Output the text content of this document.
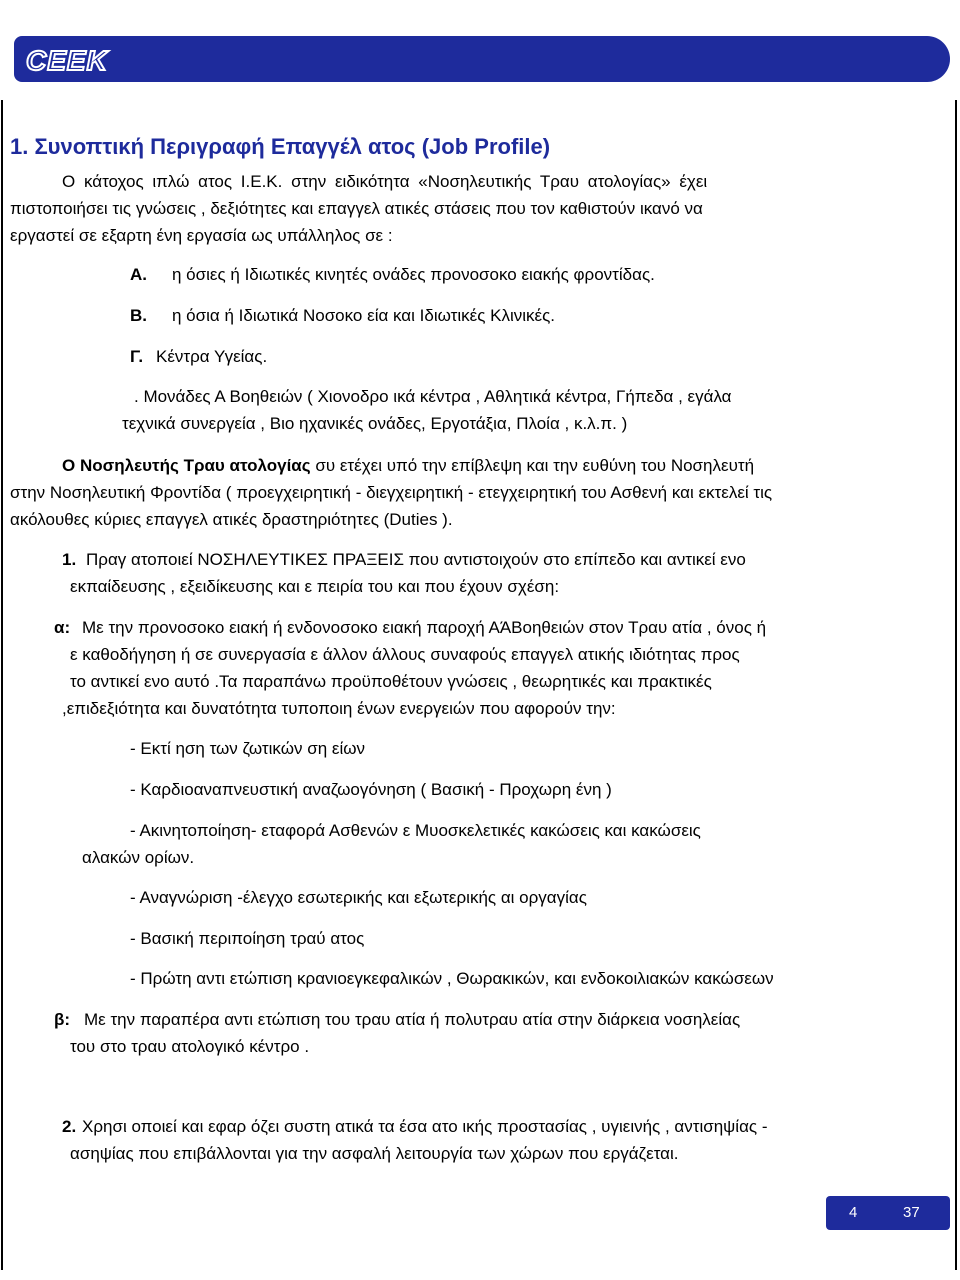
CEEK
1. Συνοπτική Περιγραφή Επαγγέλ ατος (Job Profile)
Ο κάτοχος ιπλώ ατος Ι.Ε.Κ. στην ειδικότητα «Νοσηλευτικής Τραυ ατολογίας» έχει
πιστοποιήσει τις γνώσεις , δεξιότητες και επαγγελ ατικές στάσεις που τον καθιστούν ικανό να
εργαστεί σε εξαρτη ένη εργασία ως υπάλληλος σε :
Α. η όσιες ή Ιδιωτικές κινητές ονάδες προνοσοκο ειακής φροντίδας.
Β. η όσια ή Ιδιωτικά Νοσοκο εία και Ιδιωτικές Κλινικές.
Γ. Κέντρα Υγείας.
. Μονάδες Α Βοηθειών ( Χιονοδρο ικά κέντρα , Αθλητικά κέντρα, Γήπεδα , εγάλα
τεχνικά συνεργεία , Βιο ηχανικές ονάδες, Εργοτάξια, Πλοία , κ.λ.π. )
Ο Νοσηλευτής Τραυ ατολογίας συ ετέχει υπό την επίβλεψη και την ευθύνη του Νοσηλευτή
στην Νοσηλευτική Φροντίδα ( προεγχειρητική - διεγχειρητική - ετεγχειρητική του Ασθενή και εκτελεί τις
ακόλουθες κύριες επαγγελ ατικές δραστηριότητες (Duties ).
1. Πραγ ατοποιεί ΝΟΣΗΛΕΥΤΙΚΕΣ ΠΡΑΞΕΙΣ που αντιστοιχούν στο επίπεδο και αντικεί ενο
εκπαίδευσης , εξειδίκευσης και ε πειρία του και που έχουν σχέση:
α: Με την προνοσοκο ειακή ή ενδονοσοκο ειακή παροχή ΑΆΒοηθειών στον Τραυ ατία , όνος ή
ε καθοδήγηση ή σε συνεργασία ε άλλον άλλους συναφούς επαγγελ ατικής ιδιότητας προς
το αντικεί ενο αυτό .Τα παραπάνω προϋποθέτουν γνώσεις , θεωρητικές και πρακτικές
,επιδεξιότητα και δυνατότητα τυποποιη ένων ενεργειών που αφορούν την:
- Εκτί ηση των ζωτικών ση είων
- Καρδιοαναπνευστική αναζωογόνηση ( Βασική - Προχωρη ένη )
- Ακινητοποίηση- εταφορά Ασθενών ε Μυοσκελετικές κακώσεις και κακώσεις
αλακών ορίων.
- Αναγνώριση -έλεγχο εσωτερικής και εξωτερικής αι οργαγίας
- Βασική περιποίηση τραύ ατος
- Πρώτη αντι ετώπιση κρανιοεγκεφαλικών , Θωρακικών, και ενδοκοιλιακών κακώσεων
β: Με την παραπέρα αντι ετώπιση του τραυ ατία ή πολυτραυ ατία στην διάρκεια νοσηλείας
του στο τραυ ατολογικό κέντρο .
2. Χρησι οποιεί και εφαρ όζει συστη ατικά τα έσα ατο ικής προστασίας , υγιεινής , αντισηψίας -
ασηψίας που επιβάλλονται για την ασφαλή λειτουργία των χώρων που εργάζεται.
4	37
